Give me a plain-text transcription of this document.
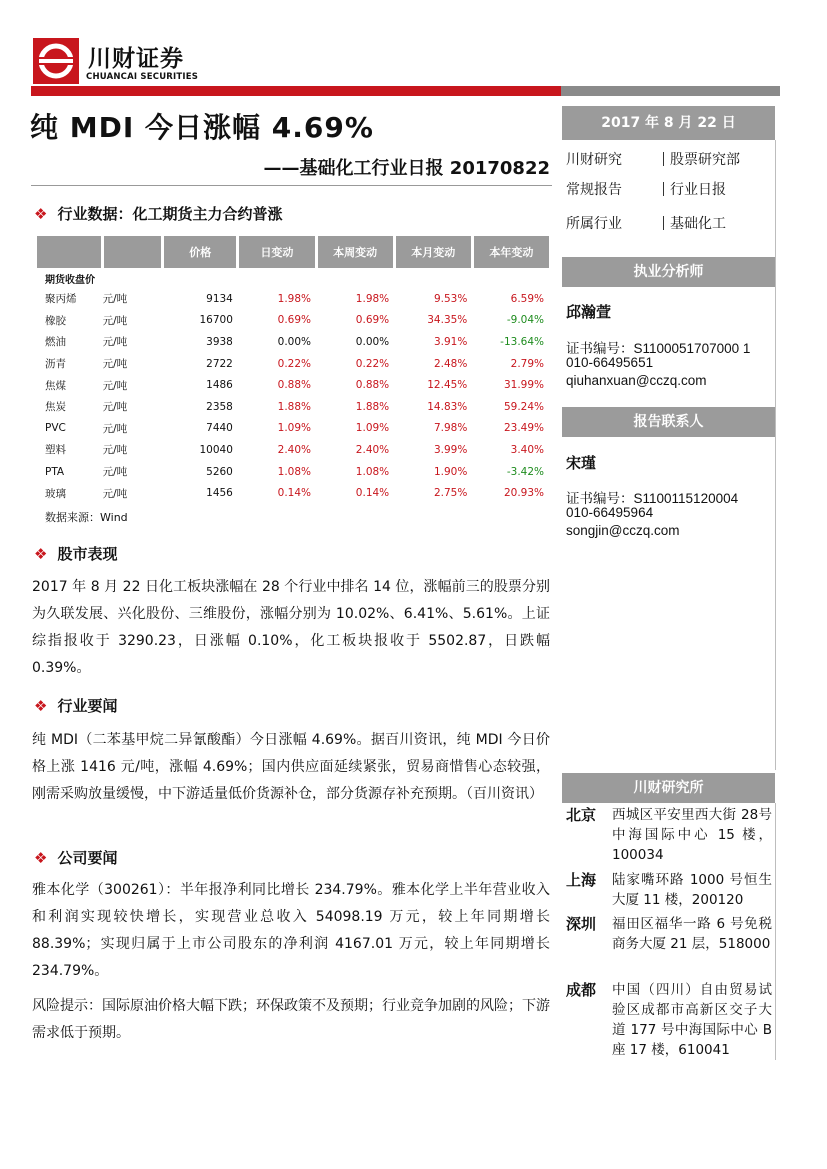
川财证券
CHUANCAI SECURITIES
纯 MDI 今日涨幅 4.69%
——基础化工行业日报 20170822
❖ 行业数据：化工期货主力合约普涨
		价格	日变动	本周变动	本月变动	本年变动
期货收盘价						
聚丙烯	元/吨	9134	1.98%	1.98%	9.53%	6.59%
橡胶	元/吨	16700	0.69%	0.69%	34.35%	-9.04%
燃油	元/吨	3938	0.00%	0.00%	3.91%	-13.64%
沥青	元/吨	2722	0.22%	0.22%	2.48%	2.79%
焦煤	元/吨	1486	0.88%	0.88%	12.45%	31.99%
焦炭	元/吨	2358	1.88%	1.88%	14.83%	59.24%
PVC	元/吨	7440	1.09%	1.09%	7.98%	23.49%
塑料	元/吨	10040	2.40%	2.40%	3.99%	3.40%
PTA	元/吨	5260	1.08%	1.08%	1.90%	-3.42%
玻璃	元/吨	1456	0.14%	0.14%	2.75%	20.93%
数据来源：Wind
❖ 股市表现
2017 年 8 月 22 日化工板块涨幅在 28 个行业中排名 14 位，涨幅前三的股票分别为久联发展、兴化股份、三维股份，涨幅分别为 10.02%、6.41%、5.61%。上证综指报收于 3290.23，日涨幅 0.10%，化工板块报收于 5502.87，日跌幅 0.39%。
❖ 行业要闻
纯 MDI（二苯基甲烷二异氰酸酯）今日涨幅 4.69%。据百川资讯，纯 MDI 今日价格上涨 1416 元/吨，涨幅 4.69%；国内供应面延续紧张，贸易商惜售心态较强，刚需采购放量缓慢，中下游适量低价货源补仓，部分货源存补充预期。（百川资讯）
❖ 公司要闻
雅本化学（300261）：半年报净利同比增长 234.79%。雅本化学上半年营业收入和利润实现较快增长，实现营业总收入 54098.19 万元，较上年同期增长 88.39%；实现归属于上市公司股东的净利润 4167.01 万元，较上年同期增长 234.79%。
风险提示：国际原油价格大幅下跌；环保政策不及预期；行业竞争加剧的风险；下游需求低于预期。
2017 年 8 月 22 日
川财研究	股票研究部
常规报告	行业日报
所属行业	基础化工
执业分析师
邱瀚萱
证书编号：S1100051707000 1
010-66495651
qiuhanxuan@cczq.com
报告联系人
宋瑾
证书编号：S1100115120004
010-66495964
songjin@cczq.com
川财研究所
北京 西城区平安里西大街 28号中海国际中心 15 楼，100034
上海 陆家嘴环路 1000 号恒生大厦 11 楼，200120
深圳 福田区福华一路 6 号免税商务大厦 21 层，518000
成都 中国（四川）自由贸易试验区成都市高新区交子大道 177 号中海国际中心 B 座 17 楼，610041
